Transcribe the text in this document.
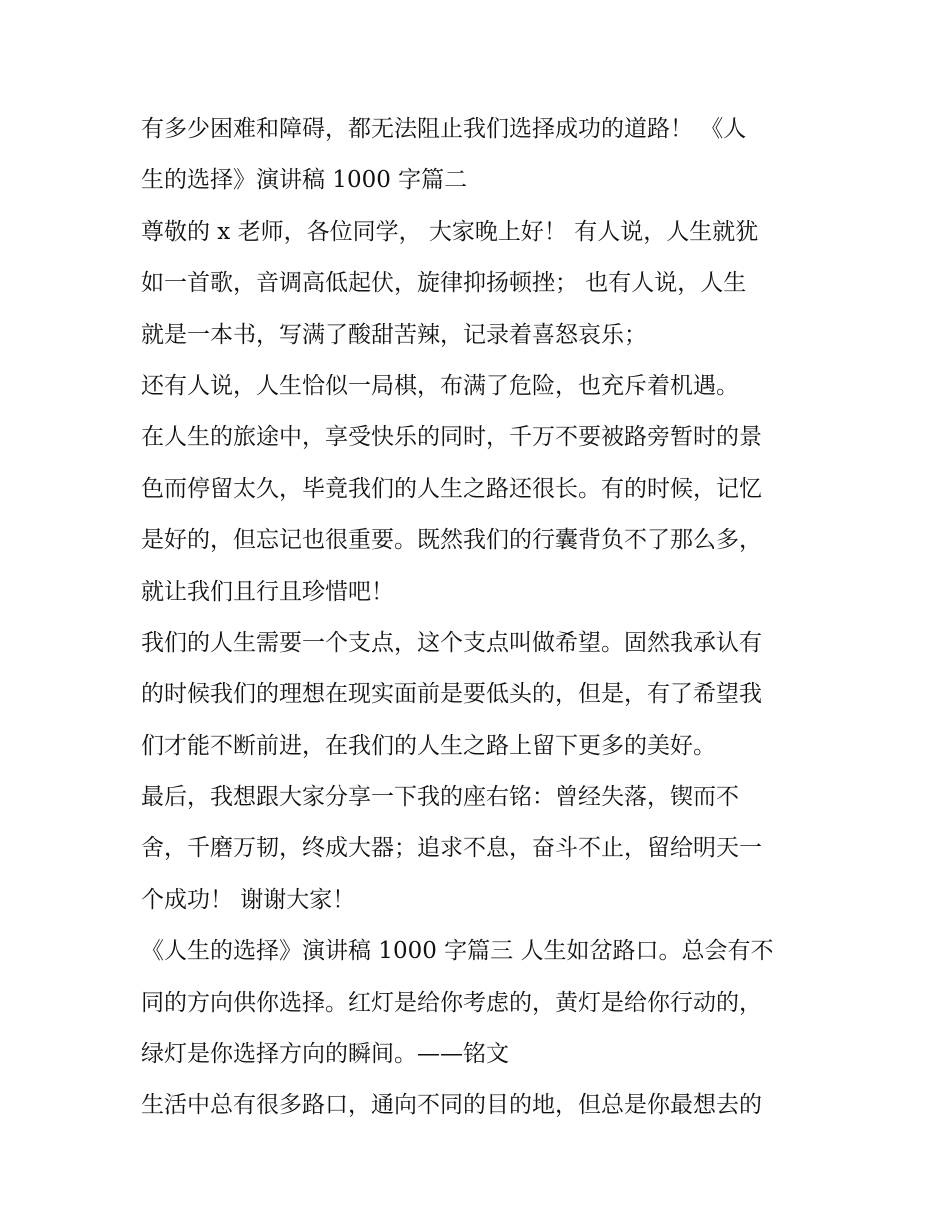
有多少困难和障碍，都无法阻止我们选择成功的道路！ 《人
生的选择》演讲稿 1000 字篇二
尊敬的 x 老师，各位同学， 大家晚上好！ 有人说，人生就犹
如一首歌，音调高低起伏，旋律抑扬顿挫； 也有人说，人生
就是一本书，写满了酸甜苦辣，记录着喜怒哀乐；
还有人说，人生恰似一局棋，布满了危险，也充斥着机遇。
在人生的旅途中，享受快乐的同时，千万不要被路旁暂时的景
色而停留太久，毕竟我们的人生之路还很长。有的时候，记忆
是好的，但忘记也很重要。既然我们的行囊背负不了那么多，
就让我们且行且珍惜吧！
我们的人生需要一个支点，这个支点叫做希望。固然我承认有
的时候我们的理想在现实面前是要低头的，但是，有了希望我
们才能不断前进，在我们的人生之路上留下更多的美好。
最后，我想跟大家分享一下我的座右铭：曾经失落，锲而不
舍，千磨万韧，终成大器；追求不息，奋斗不止，留给明天一
个成功！ 谢谢大家！
《人生的选择》演讲稿 1000 字篇三 人生如岔路口。总会有不
同的方向供你选择。红灯是给你考虑的，黄灯是给你行动的，
绿灯是你选择方向的瞬间。——铭文
生活中总有很多路口，通向不同的目的地，但总是你最想去的
